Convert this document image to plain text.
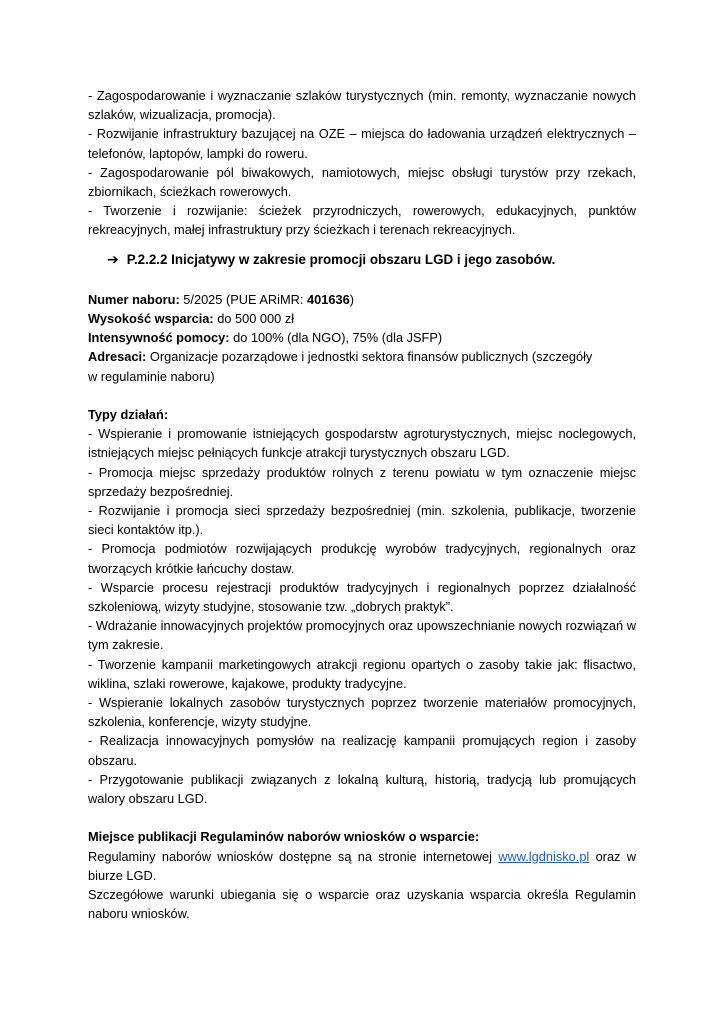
- Zagospodarowanie i wyznaczanie szlaków turystycznych (min. remonty, wyznaczanie nowych szlaków, wizualizacja, promocja).

- Rozwijanie infrastruktury bazującej na OZE – miejsca do ładowania urządzeń elektrycznych – telefonów, laptopów, lampki do roweru.

- Zagospodarowanie pól biwakowych, namiotowych, miejsc obsługi turystów przy rzekach, zbiornikach, ścieżkach rowerowych.

- Tworzenie i rozwijanie: ścieżek przyrodniczych, rowerowych, edukacyjnych, punktów rekreacyjnych, małej infrastruktury przy ścieżkach i terenach rekreacyjnych.

➔ P.2.2.2 Inicjatywy w zakresie promocji obszaru LGD i jego zasobów.

Numer naboru: 5/2025 (PUE ARiMR: 401636)

Wysokość wsparcia: do 500 000 zł

Intensywność pomocy: do 100% (dla NGO), 75% (dla JSFP)

Adresaci: Organizacje pozarządowe i jednostki sektora finansów publicznych (szczegóły
w regulaminie naboru)

Typy działań:

- Wspieranie i promowanie istniejących gospodarstw agroturystycznych, miejsc noclegowych, istniejących miejsc pełniących funkcje atrakcji turystycznych obszaru LGD.

- Promocja miejsc sprzedaży produktów rolnych z terenu powiatu w tym oznaczenie miejsc sprzedaży bezpośredniej.

- Rozwijanie i promocja sieci sprzedaży bezpośredniej (min. szkolenia, publikacje, tworzenie sieci kontaktów itp.).

- Promocja podmiotów rozwijających produkcję wyrobów tradycyjnych, regionalnych oraz tworzących krótkie łańcuchy dostaw.

- Wsparcie procesu rejestracji produktów tradycyjnych i regionalnych poprzez działalność szkoleniową, wizyty studyjne, stosowanie tzw. „dobrych praktyk”.

- Wdrażanie innowacyjnych projektów promocyjnych oraz upowszechnianie nowych rozwiązań w tym zakresie.

- Tworzenie kampanii marketingowych atrakcji regionu opartych o zasoby takie jak: flisactwo, wiklina, szlaki rowerowe, kajakowe, produkty tradycyjne.

- Wspieranie lokalnych zasobów turystycznych poprzez tworzenie materiałów promocyjnych, szkolenia, konferencje, wizyty studyjne.

- Realizacja innowacyjnych pomysłów na realizację kampanii promujących region i zasoby obszaru.

- Przygotowanie publikacji związanych z lokalną kulturą, historią, tradycją lub promujących walory obszaru LGD.

Miejsce publikacji Regulaminów naborów wniosków o wsparcie:

Regulaminy naborów wniosków dostępne są na stronie internetowej www.lgdnisko.pl oraz w biurze LGD.

Szczegółowe warunki ubiegania się o wsparcie oraz uzyskania wsparcia określa Regulamin naboru wniosków.
